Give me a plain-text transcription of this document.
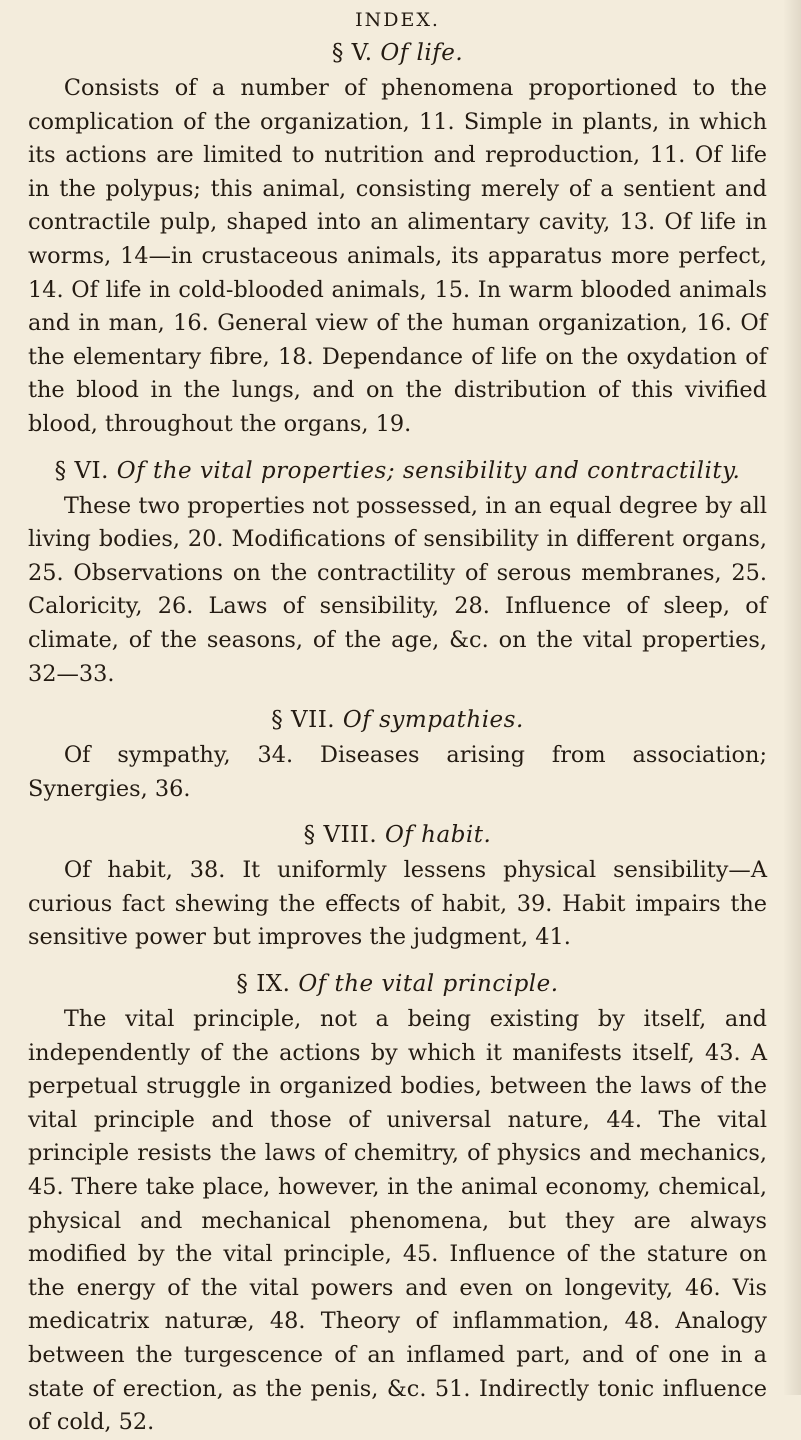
INDEX.
§ V. Of life.

Consists of a number of phenomena proportioned to the complication of the organization, 11. Simple in plants, in which its actions are limited to nutrition and reproduction, 11. Of life in the polypus; this animal, consisting merely of a sentient and contractile pulp, shaped into an alimentary cavity, 13. Of life in worms, 14—in crustaceous animals, its apparatus more perfect, 14. Of life in cold-blooded animals, 15. In warm blooded animals and in man, 16. General view of the human organization, 16. Of the elementary fibre, 18. Dependance of life on the oxydation of the blood in the lungs, and on the distribution of this vivified blood, throughout the organs, 19.

§ VI. Of the vital properties; sensibility and contractility.

These two properties not possessed, in an equal degree by all living bodies, 20. Modifications of sensibility in different organs, 25. Observations on the contractility of serous membranes, 25. Caloricity, 26. Laws of sensibility, 28. Influence of sleep, of climate, of the seasons, of the age, &c. on the vital properties, 32—33.

§ VII. Of sympathies.

Of sympathy, 34. Diseases arising from association; Synergies, 36.

§ VIII. Of habit.

Of habit, 38. It uniformly lessens physical sensibility—A curious fact shewing the effects of habit, 39. Habit impairs the sensitive power but improves the judgment, 41.

§ IX. Of the vital principle.

The vital principle, not a being existing by itself, and independently of the actions by which it manifests itself, 43. A perpetual struggle in organized bodies, between the laws of the vital principle and those of universal nature, 44. The vital principle resists the laws of chemitry, of physics and mechanics, 45. There take place, however, in the animal economy, chemical, physical and mechanical phenomena, but they are always modified by the vital principle, 45. Influence of the stature on the energy of the vital powers and even on longevity, 46. Vis medicatrix naturæ, 48. Theory of inflammation, 48. Analogy between the turgescence of an inflamed part, and of one in a state of erection, as the penis, &c. 51. Indirectly tonic influence of cold, 52.
